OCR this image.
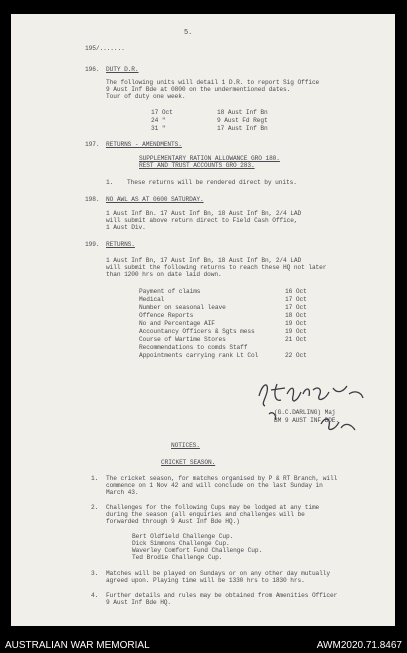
5.
195/.......
196. DUTY D.R.
The following units will detail 1 D.R. to report Sig Office
9 Aust Inf Bde at 0800 on the undermentioned dates.
Tour of duty one week.
17 Oct	18 Aust Inf Bn
24 "	9 Aust Fd Regt
31 "	17 Aust Inf Bn
197. RETURNS - AMENDMENTS.
SUPPLEMENTARY RATION ALLOWANCE GRO 180.
REST AND TRUST ACCOUNTS GRO 283.
1. These returns will be rendered direct by units.
198. NO AWL AS AT 0600 SATURDAY.
1 Aust Inf Bn. 17 Aust Inf Bn, 18 Aust Inf Bn, 2/4 LAD
will submit above return direct to Field Cash Office,
1 Aust Div.
199. RETURNS.
1 Aust Inf Bn, 17 Aust Inf Bn, 18 Aust Inf Bn, 2/4 LAD
will submit the following returns to reach these HQ not later
than 1200 hrs on date laid down.
Payment of claims	16 Oct
Medical	17 Oct
Number on seasonal leave	17 Oct
Offence Reports	18 Oct
No and Percentage AIF	19 Oct
Accountancy Officers & Sgts mess	19 Oct
Course of Wartime Stores	21 Oct
Recommendations to comds Staff
Appointments carrying rank Lt Col	22 Oct
(G.C.DARLING) Maj
BM 9 AUST INF BDE.
NOTICES.
CRICKET SEASON.
1. The cricket season, for matches organised by P & RT Branch, will
commence on 1 Nov 42 and will conclude on the last Sunday in
March 43.
2. Challenges for the following Cups may be lodged at any time
during the season (all enquiries and challenges will be
forwarded through 9 Aust Inf Bde HQ.)
Bert Oldfield Challenge Cup.
Dick Simmons Challenge Cup.
Waverley Comfort Fund Challenge Cup.
Ted Brodie Challenge Cup.
3. Matches will be played on Sundays or on any other day mutually
agreed upon. Playing time will be 1330 hrs to 1830 hrs.
4. Further details and rules may be obtained from Amenities Officer
9 Aust Inf Bde HQ.
AUSTRALIAN WAR MEMORIAL	AWM2020.71.8467
